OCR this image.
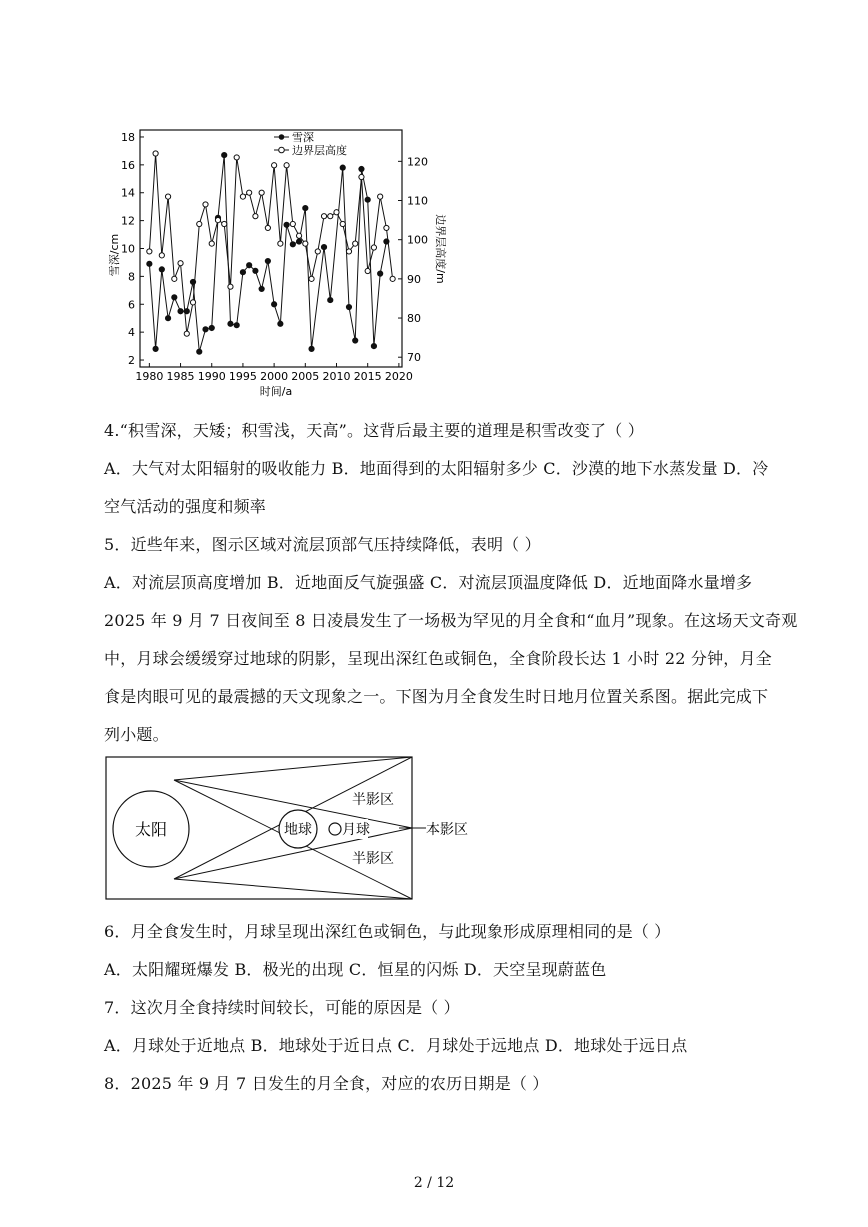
1980 1985 1990 1995 2000 2005 2010 2015 2020
2
4
6
8
10
12
14
16
18
70
80
90
100
110
120
雪深
边界层高度
时间/a
雪深/cm	边界层高度/m
4.“积雪深，天矮；积雪浅，天高”。这背后最主要的道理是积雪改变了（ ）
A．大气对太阳辐射的吸收能力 B．地面得到的太阳辐射多少 C．沙漠的地下水蒸发量 D．冷
空气活动的强度和频率
5．近些年来，图示区域对流层顶部气压持续降低，表明（ ）
A．对流层顶高度增加 B．近地面反气旋强盛 C．对流层顶温度降低 D．近地面降水量增多
2025 年 9 月 7 日夜间至 8 日凌晨发生了一场极为罕见的月全食和“血月”现象。在这场天文奇观
中，月球会缓缓穿过地球的阴影，呈现出深红色或铜色，全食阶段长达 1 小时 22 分钟，月全
食是肉眼可见的最震撼的天文现象之一。下图为月全食发生时日地月位置关系图。据此完成下
列小题。
太阳	地球 月球
半影区
半影区
本影区
6．月全食发生时，月球呈现出深红色或铜色，与此现象形成原理相同的是（ ）
A．太阳耀斑爆发 B．极光的出现 C．恒星的闪烁 D．天空呈现蔚蓝色
7．这次月全食持续时间较长，可能的原因是（ ）
A．月球处于近地点 B．地球处于近日点 C．月球处于远地点 D．地球处于远日点
8．2025 年 9 月 7 日发生的月全食，对应的农历日期是（ ）
2 / 12
